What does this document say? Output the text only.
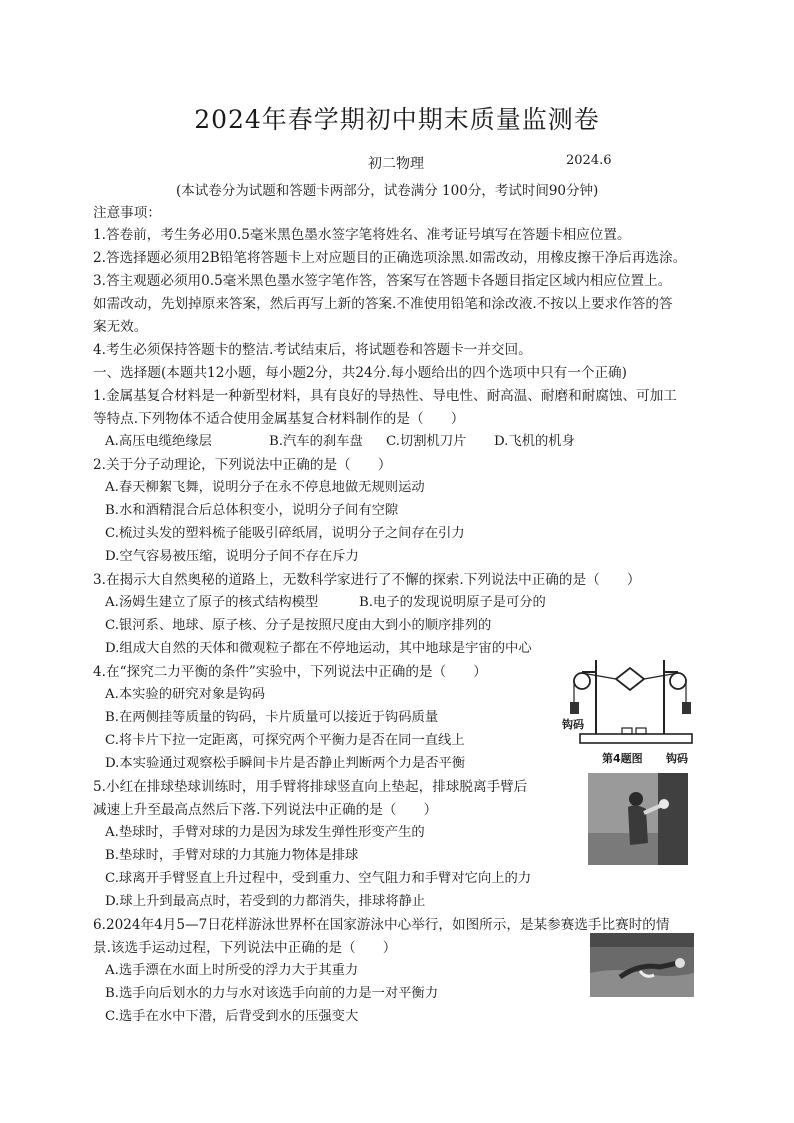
2024年春学期初中期末质量监测卷
初二物理	2024.6
(本试卷分为试题和答题卡两部分，试卷满分 100分，考试时间90分钟)
注意事项：
1.答卷前，考生务必用0.5毫米黑色墨水签字笔将姓名、准考证号填写在答题卡相应位置。
2.答选择题必须用2B铅笔将答题卡上对应题目的正确选项涂黑.如需改动，用橡皮擦干净后再选涂。
3.答主观题必须用0.5毫米黑色墨水签字笔作答，答案写在答题卡各题目指定区域内相应位置上。
如需改动，先划掉原来答案，然后再写上新的答案.不准使用铅笔和涂改液.不按以上要求作答的答
案无效。
4.考生必须保持答题卡的整洁.考试结束后，将试题卷和答题卡一并交回。
一、选择题(本题共12小题，每小题2分，共24分.每小题给出的四个选项中只有一个正确)
1.金属基复合材料是一种新型材料，具有良好的导热性、导电性、耐高温、耐磨和耐腐蚀、可加工
等特点.下列物体不适合使用金属基复合材料制作的是（　　）
A.高压电缆绝缘层	B.汽车的刹车盘 C.切割机刀片 D.飞机的机身
2.关于分子动理论，下列说法中正确的是（　　）
A.春天柳絮飞舞，说明分子在永不停息地做无规则运动
B.水和酒精混合后总体积变小，说明分子间有空隙
C.梳过头发的塑料梳子能吸引碎纸屑，说明分子之间存在引力
D.空气容易被压缩，说明分子间不存在斥力
3.在揭示大自然奥秘的道路上，无数科学家进行了不懈的探索.下列说法中正确的是（　　）
A.汤姆生建立了原子的核式结构模型	B.电子的发现说明原子是可分的
C.银河系、地球、原子核、分子是按照尺度由大到小的顺序排列的
D.组成大自然的天体和微观粒子都在不停地运动，其中地球是宇宙的中心
4.在“探究二力平衡的条件”实验中，下列说法中正确的是（　　）
A.本实验的研究对象是钩码
B.在两侧挂等质量的钩码，卡片质量可以接近于钩码质量
C.将卡片下拉一定距离，可探究两个平衡力是否在同一直线上
D.本实验通过观察松手瞬间卡片是否静止判断两个力是否平衡
钩码
钩码
第4题图
5.小红在排球垫球训练时，用手臂将排球竖直向上垫起，排球脱离手臂后
减速上升至最高点然后下落.下列说法中正确的是（　　）
A.垫球时，手臂对球的力是因为球发生弹性形变产生的
B.垫球时，手臂对球的力其施力物体是排球
C.球离开手臂竖直上升过程中，受到重力、空气阻力和手臂对它向上的力
D.球上升到最高点时，若受到的力都消失，排球将静止
6.2024年4月5—7日花样游泳世界杯在国家游泳中心举行，如图所示，是某参赛选手比赛时的情
景.该选手运动过程，下列说法中正确的是（　　）
A.选手漂在水面上时所受的浮力大于其重力
B.选手向后划水的力与水对该选手向前的力是一对平衡力
C.选手在水中下潜，后背受到水的压强变大
